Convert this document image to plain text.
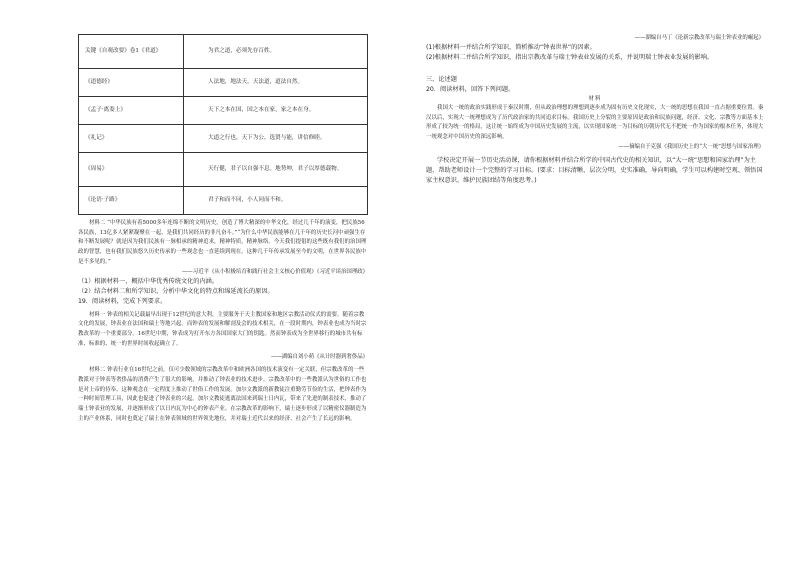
关键《自观改要》卷1《君道》	为君之道，必须先存百姓。
《道德经》	人法地，地法天，天法道，道法自然。
《孟子·离娄上》	天下之本在国，国之本在家，家之本在身。
《礼记》	大道之行也，天下为公，选贤与能，讲信修睦。
《周易》	天行健，君子以自强不息。地势坤，君子以厚德载物。
《论语·子路》	君子和而不同，小人同而不和。

材料二 “中华民族有着5000多年连绵不断的文明历史，创造了博大精深的中华文化，经过几千年的演变，把民族56各民族，13亿多人紧紧凝聚在一起，是我们共同经历的非凡奋斗。”“为什么中华民族能够在几千年的历史长河中顽强生存和不断发展呢？就是因为我们民族有一脉相承的精神追求，精神特质，精神脉络。今天我们提倡的这些既有我们的治国理政的智慧，也有我们民族悠久历史传承的一些观念也一直延续到现在。这种几千年传承发展至今的文明，在世界各民族中是不多见的。”

——习近平《从小积极培育和践行社会主义核心价值观》《习近平谈治国理政》

（1）根据材料一，概括中华优秀传统文化的内涵。

（2）结合材料二和所学知识，分析中华文化的特点和绵延流长的原因。

19．阅读材料，完成下列要求。

材料一 钟表的相关记载最早出现于12世纪的意大利，主要服务于天主教国家和地区宗教活动仪式的需要。随着宗教文化的发展，钟表业在法国和瑞士等地兴起。而钟表的发展和解剖及会的技术相关，在一段时期内，钟表业也成为当时宗教改革的一个重要部分。16世纪中期，钟表成为打开东方各国国家大门的钥匙。然而钟表成为全世界移行的城市共有标准，标准的、统一的世界时间收起确立了。

——湖编自刘小萌《从计时器到奢侈品》

材料二 钟表行业在16世纪之前，仅可少数领域的宗教改革中和欧洲各国的技术演变有一定关联，但宗教改革的一些教派对于钟表等奢侈品的消费产生了很大的影响，并推动了钟表业的技术进步。宗教改革中的一些教派认为世俗的工作也是对上帝的侍奉，这种观念在一定程度上推动了世俗工作的发展。加尔文教派的新教徒注重勤劳节俭的生活，把钟表作为一种时间管理工具，因此也促进了钟表业的兴起。加尔文教徒逃离法国来到瑞士日内瓦，带来了先进的制表技术，推动了瑞士钟表业的发展，并逐渐形成了以日内瓦为中心的钟表产业。在宗教改革的影响下，瑞士逐步形成了以精密仪器制造为主的产业体系，同时也奠定了瑞士在钟表领域的世界领先地位，并对瑞士近代以来的经济、社会产生了长远的影响。

——湖编自马丁《论新宗教改革与瑞士钟表业的崛起》

(1)根据材料一并结合所学知识，简析推动“钟表世界”的因素。

(2)根据材料二并结合所学知识，指出宗教改革与瑞士钟表业发展的关系，并说明瑞士钟表业发展的影响。

三、论述题

20．阅读材料，回答下列问题。

材料

我国大一统的政治实践形成于秦汉时期，但从政治理想的理想到逐步成为固有历史文化现实，大一统的思想在我国一直占据重要位置。秦汉以后，实现大一统理想成为了历代政治家的共同追求目标。我国历史上分裂的主要原因是政治和民族问题，经济、文化、宗教等方面基本上形成了较为统一的格局，这让统一始终成为中国历史发展的主流，以实现国家统一为目标的历朝历代无不把统一作为国家的根本任务，体现大一统观念对中国历史的深远影响。

——摘编自于克强《我国历史上的“大一统”思想与国家治理》

学校决定开展一节历史活动课，请你根据材料并结合所学的中国古代史的相关知识，以“大一统”思想和国家治理”为主题，帮助老师设计一个完整的学习目标。(要求：目标清晰，层次分明，史实准确，导向明确，学生可以构建时空观、领悟国家主权意识、维护民族团结等角度思考。)
